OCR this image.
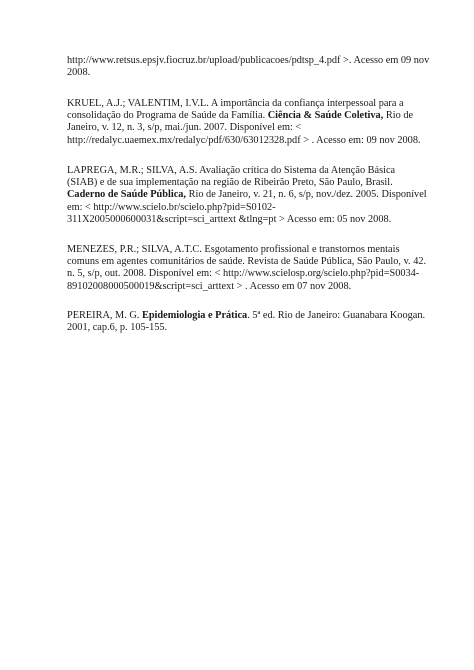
http://www.retsus.epsjv.fiocruz.br/upload/publicacoes/pdtsp_4.pdf >. Acesso em 09 nov
2008.

KRUEL, A.J.; VALENTIM, I.V.L. A importância da confiança interpessoal para a
consolidação do Programa de Saúde da Família. Ciência & Saúde Coletiva, Rio de
Janeiro, v. 12, n. 3, s/p, mai./jun. 2007. Disponível em: <
http://redalyc.uaemex.mx/redalyc/pdf/630/63012328.pdf > . Acesso em: 09 nov 2008.

LAPREGA, M.R.; SILVA, A.S. Avaliação crítica do Sistema da Atenção Básica
(SIAB) e de sua implementação na região de Ribeirão Preto, São Paulo, Brasil.
Caderno de Saúde Pública, Rio de Janeiro, v. 21, n. 6, s/p, nov./dez. 2005. Disponível
em: < http://www.scielo.br/scielo.php?pid=S0102-
311X2005000600031&script=sci_arttext &tlng=pt > Acesso em: 05 nov 2008.

MENEZES, P.R.; SILVA, A.T.C. Esgotamento profissional e transtornos mentais
comuns em agentes comunitários de saúde. Revista de Saúde Pública, São Paulo, v. 42.
n. 5, s/p, out. 2008. Disponível em: < http://www.scielosp.org/scielo.php?pid=S0034-
89102008000500019&script=sci_arttext > . Acesso em 07 nov 2008.

PEREIRA, M. G. Epidemiologia e Prática. 5ª ed. Rio de Janeiro: Guanabara Koogan.
2001, cap.6, p. 105-155.
